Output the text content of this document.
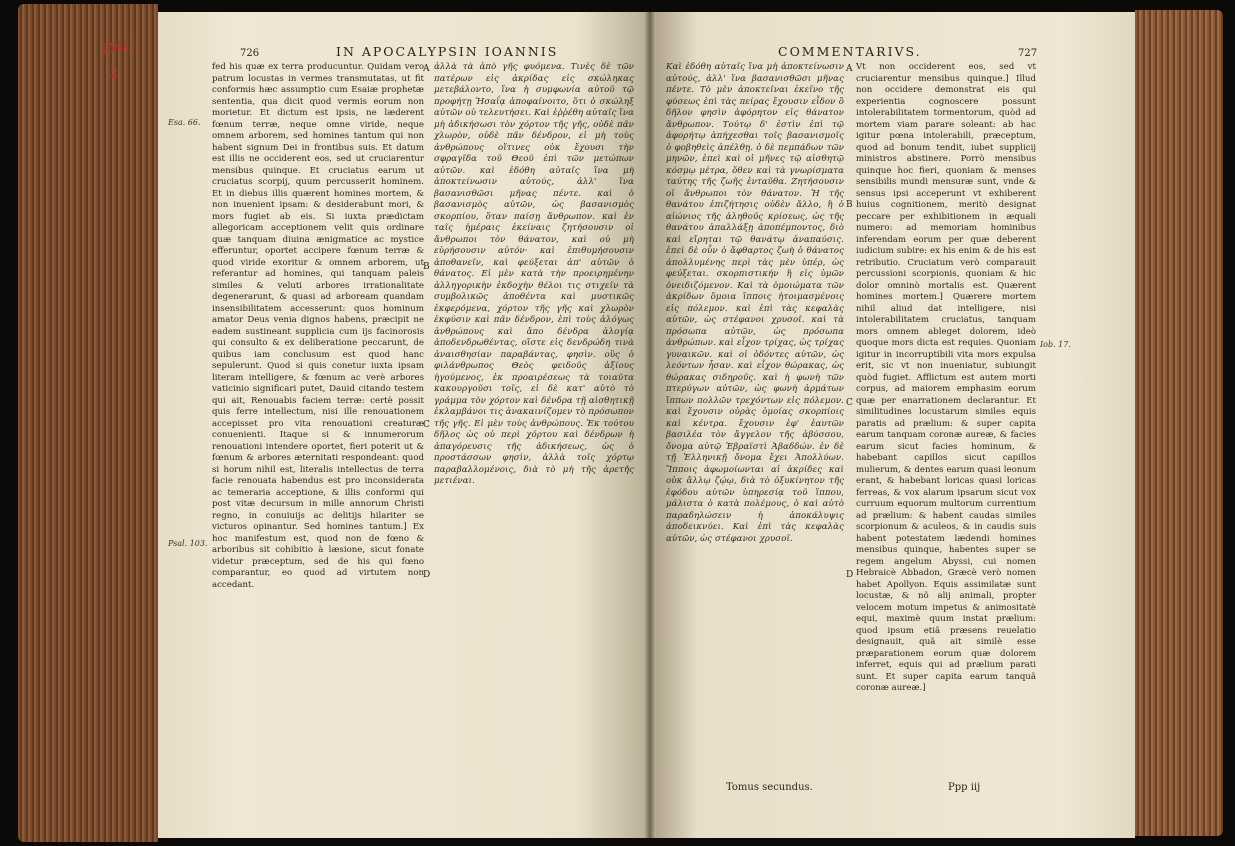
Ø4C
2
726	IN APOCALYPSIN IOANNIS
Esa. 66.
Psal. 103.

fed his quæ ex terra producuntur. Quidam vero patrum locustas in vermes transmutatas, ut fit conformis hæc assumptio cum Esaiæ prophetæ sententia, qua dicit quod vermis eorum non morietur. Et dictum est ipsis, ne læderent fœnum terræ, neque omne viride, neque omnem arborem, sed homines tantum qui non habent signum Dei in frontibus suis. Et datum est illis ne occiderent eos, sed ut cruciarentur mensibus quinque. Et cruciatus earum ut cruciatus scorpij, quum percusserit hominem. Et in diebus illis quærent homines mortem, & non inuenient ipsam: & desiderabunt mori, & mors fugiet ab eis. Si iuxta prædictam allegoricam acceptionem velit quis ordinare quæ tanquam diuina ænigmatice ac mystice efferuntur, oportet accipere fœnum terræ & quod viride exoritur & omnem arborem, ut referantur ad homines, qui tanquam paleis similes & veluti arbores irrationalitate degenerarunt, & quasi ad arboream quandam insensibilitatem accesserunt: quos hominum amator Deus venia dignos habens, præcipit ne eadem sustineant supplicia cum ijs facinorosis qui consulto & ex deliberatione peccarunt, de quibus iam conclusum est quod hanc sepulerunt. Quod si quis conetur iuxta ipsam literam intelligere, & fœnum ac verè arbores vaticinio significari putet, Dauid citando testem qui ait, Renouabis faciem terræ: certè possit quis ferre intellectum, nisi ille renouationem accepisset pro vita renouationi creaturæ conuenienti. Itaque si & innumerorum renouationi intendere oportet, fieri poterit ut & fœnum & arbores æternitati respondeant: quod si horum nihil est, literalis intellectus de terra facie renouata habendus est pro inconsiderata ac temeraria acceptione, & illis conformi qui post vitæ decursum in mille annorum Christi regno, in conuiuijs ac delitijs hilariter se victuros opinantur. Sed homines tantum.] Ex hoc manifestum est, quod non de fœno & arboribus sit cohibitio à læsione, sicut fonate videtur præceptum, sed de his qui fœno comparantur, eo quod ad virtutem non accedant.

A
B
C
D

ἀλλὰ τὰ ἀπὸ γῆς φυόμενα. Τινὲς δὲ τῶν πατέρων εἰς ἀκρίδας εἰς σκώληκας μετεβάλοντο, ἵνα ἡ συμφωνία αὐτοῦ τῷ προφήτῃ Ἠσαΐᾳ ἀποφαίνοιτο, ὅτι ὁ σκώληξ αὐτῶν οὐ τελευτήσει. Καὶ ἐῤῥέθη αὐταῖς ἵνα μὴ ἀδικήσωσι τὸν χόρτον τῆς γῆς, οὐδὲ πᾶν χλωρὸν, οὐδὲ πᾶν δένδρον, εἰ μὴ τοὺς ἀνθρώπους οἵτινες οὐκ ἔχουσι τὴν σφραγῖδα τοῦ Θεοῦ ἐπὶ τῶν μετώπων αὐτῶν. καὶ ἐδόθη αὐταῖς ἵνα μὴ ἀποκτείνωσιν αὐτούς, ἀλλ' ἵνα βασανισθῶσι μῆνας πέντε. καὶ ὁ βασανισμὸς αὐτῶν, ὡς βασανισμὸς σκορπίου, ὅταν παίσῃ ἄνθρωπον. καὶ ἐν ταῖς ἡμέραις ἐκείναις ζητήσουσιν οἱ ἄνθρωποι τὸν θάνατον, καὶ οὐ μὴ εὑρήσουσιν αὐτόν· καὶ ἐπιθυμήσουσιν ἀποθανεῖν, καὶ φεύξεται ἀπ' αὐτῶν ὁ θάνατος. Εἰ μὲν κατὰ τὴν προειρημένην ἀλληγορικὴν ἐκδοχὴν θέλοι τις στιχεῖν τὰ συμβολικῶς ἀποθέντα καὶ μυστικῶς ἐκφερόμενα, χόρτον τῆς γῆς καὶ χλωρὸν ἐκφύσιν καὶ πᾶν δένδρον, ἐπὶ τοὺς ἀλόγως ἀνθρώπους καὶ ἄπο δένδρα ἀλογίᾳ ἀποδενδρωθέντας, οἵστε εἰς δενδρώδη τινὰ ἀναισθησίαν παραβάντας, φησὶν. οὓς ὁ φιλάνθρωπος Θεὸς φειδοῦς ἀξίους ἡγούμενος, ἐκ προαιρέσεως τὰ τοιαῦτα κακουργοῦσι τοῖς, εἰ δὲ κατ' αὐτὸ τὸ γράμμα τὸν χόρτον καὶ δένδρα τῇ αἰσθητικῇ ἐκλαμβάνοι τις ἀνακαινίζομεν τὸ πρόσωπον τῆς γῆς. Εἰ μὲν τοὺς ἀνθρώπους. Ἐκ τούτου δῆλος ὡς οὐ περὶ χόρτου καὶ δένδρων ἡ ἀπαγόρευσις τῆς ἀδικήσεως, ὡς ὁ προστάσσων φησὶν, ἀλλὰ τοῖς χόρτῳ παραβαλλομένοις, διὰ τὸ μὴ τῆς ἀρετῆς μετιέναι.

COMMENTARIVS.	727

Καὶ ἐδόθη αὐταῖς ἵνα μὴ ἀποκτείνωσιν αὐτούς, ἀλλ' ἵνα βασανισθῶσι μῆνας πέντε. Τὸ μὲν ἀποκτεῖναι ἐκεῖνο τῆς φύσεως ἐπὶ τὰς πείρας ἔχουσιν εἶδον ὃ δῆλον φησὶν ἀφόρητον εἰς θάνατον ἄνθρωπον. Τούτῳ δ' ἐστὶν ἐπὶ τῷ ἀφορήτῳ ἀπήχεσθαι τοῖς βασανισμοῖς ὁ φοβηθεὶς ἀπέλθῃ. ὁ δὲ πεμπάδων τῶν μηνῶν, ἐπεὶ καὶ οἱ μῆνες τῷ αἰσθητῷ κόσμῳ μέτρα, ὅθεν καὶ τὰ γνωρίσματα ταύτης τῆς ζωῆς ἐνταῦθα. Ζητήσουσιν οἱ ἄνθρωποι τὸν θάνατον. Ἡ τῆς θανάτου ἐπιζήτησις οὐδὲν ἄλλο, ἢ ὁ αἰώνιος τῆς ἀληθοῦς κρίσεως, ὡς τῆς θανάτου ἀπαλλάξῃ ἀποπέμποντος, διὸ καὶ εἴρηται τῷ θανάτῳ ἀναπαύσις. ἐπεὶ δὲ οὖν ὁ ἄφθαρτος ζωὴ ὁ θάνατος ἀπολλυμένης περὶ τὰς μὲν ὑπέρ, ὡς φεύξεται. σκορπιστικήν ἢ εἰς ὑμῶν ὀνειδιζόμενον. Καὶ τὰ ὁμοιώματα τῶν ἀκρίδων ὅμοια ἵπποις ἡτοιμασμένοις εἰς πόλεμον. καὶ ἐπὶ τὰς κεφαλὰς αὐτῶν, ὡς στέφανοι χρυσοῖ. καὶ τὰ πρόσωπα αὐτῶν, ὡς πρόσωπα ἀνθρώπων. καὶ εἶχον τρίχας, ὡς τρίχας γυναικῶν. καὶ οἱ ὀδόντες αὐτῶν, ὡς λεόντων ἦσαν. καὶ εἶχον θώρακας, ὡς θώρακας σιδηροῦς. καὶ ἡ φωνὴ τῶν πτερύγων αὐτῶν, ὡς φωνὴ ἁρμάτων ἵππων πολλῶν τρεχόντων εἰς πόλεμον. καὶ ἔχουσιν οὐρὰς ὁμοίας σκορπίοις καὶ κέντρα. ἔχουσιν ἐφ' ἑαυτῶν βασιλέα τὸν ἄγγελον τῆς ἀβύσσου, ὄνομα αὐτῷ Ἑβραϊστὶ Ἀβαδδών. ἐν δὲ τῇ Ἑλληνικῇ ὄνομα ἔχει Ἀπολλύων. Ἵπποις ἀφωμοίωνται αἱ ἀκρίδες καὶ οὐκ ἄλλῳ ζῴῳ, διὰ τὸ ὀξυκίνητον τῆς ἐφόδου αὐτῶν ὑπηρεσίᾳ τοῦ ἵππου, μάλιστα ὁ κατὰ πολέμους, ὁ καὶ αὐτὸ παραδηλώσειν ἡ ἀποκάλυψις ἀποδεικνύει. Καὶ ἐπὶ τὰς κεφαλὰς αὐτῶν, ὡς στέφανοι χρυσοῖ.

A
B
C
D

Vt non occiderent eos, sed vt cruciarentur mensibus quinque.] Illud non occidere demonstrat eis qui experientia cognoscere possunt intolerabilitatem tormentorum, quòd ad mortem viam parare soleant: ab hac igitur pœna intolerabili, præceptum, quod ad bonum tendit, iubet supplicij ministros abstinere. Porrò mensibus quinque hoc fieri, quoniam & menses sensibilis mundi mensuræ sunt, vnde & sensus ipsi acceperunt vt exhiberent huius cognitionem, meritò designat peccare per exhibitionem in æquali numero: ad memoriam hominibus inferendam eorum per quæ deberent iudicium subire: ex his enim & de his est retributio. Cruciatum verò comparauit percussioni scorpionis, quoniam & hic dolor omninò mortalis est. Quærent homines mortem.] Quærere mortem nihil aliud dat intelligere, nisi intolerabilitatem cruciatus, tanquam mors omnem ableget dolorem, ideò quoque mors dicta est requies. Quoniam igitur in incorruptibili vita mors expulsa erit, sic vt non inueniatur, subiungit quòd fugiet. Afflictum est autem morti corpus, ad maiorem emphasim eorum quæ per enarrationem declarantur. Et similitudines locustarum similes equis paratis ad prælium: & super capita earum tanquam coronæ aureæ, & facies earum sicut facies hominum, & habebant capillos sicut capillos mulierum, & dentes earum quasi leonum erant, & habebant loricas quasi loricas ferreas, & vox alarum ipsarum sicut vox curruum equorum multorum currentium ad prælium: & habent caudas similes scorpionum & aculeos, & in caudis suis habent potestatem lædendi homines mensibus quinque, habentes super se regem angelum Abyssi, cui nomen Hebraicè Abbadon, Græcè verò nomen habet Apollyon. Equis assimilatæ sunt locustæ, & nõ alij animali, propter velocem motum impetus & animositatè equi, maximè quum instat prælium: quod ipsum etiã præsens reuelatio designauit, quã ait similè esse præparationem eorum quæ dolorem inferret, equis qui ad prælium parati sunt. Et super capita earum tanquã coronæ aureæ.]

Iob. 17.
Tomus secundus.	Ppp iij
